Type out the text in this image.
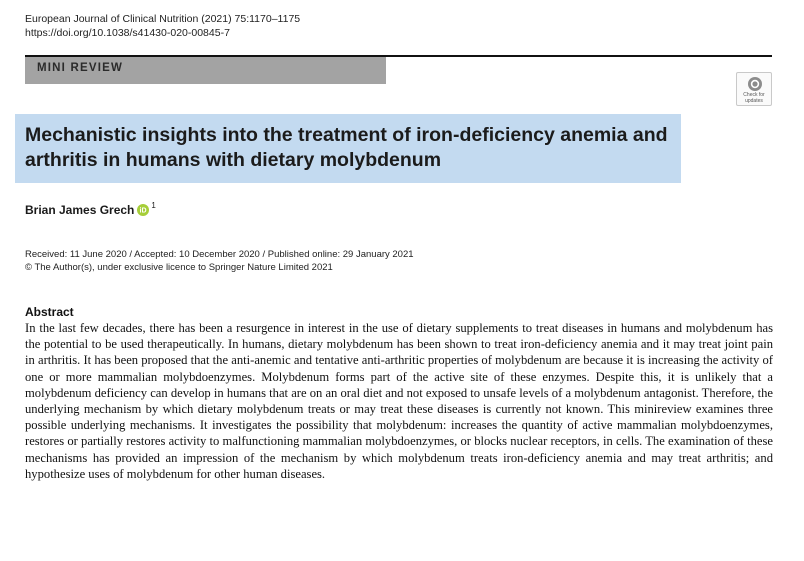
European Journal of Clinical Nutrition (2021) 75:1170–1175
https://doi.org/10.1038/s41430-020-00845-7
MINI REVIEW
Check for
updates
Mechanistic insights into the treatment of iron-deficiency anemia and arthritis in humans with dietary molybdenum
Brian James Grech iD
$^1$
Received: 11 June 2020 / Accepted: 10 December 2020 / Published online: 29 January 2021
© The Author(s), under exclusive licence to Springer Nature Limited 2021
Abstract
In the last few decades, there has been a resurgence in interest in the use of dietary supplements to treat diseases in humans and molybdenum has the potential to be used therapeutically. In humans, dietary molybdenum has been shown to treat iron-deficiency anemia and it may treat joint pain in arthritis. It has been proposed that the anti-anemic and tentative anti-arthritic properties of molybdenum are because it is increasing the activity of one or more mammalian molybdoenzymes. Molybdenum forms part of the active site of these enzymes. Despite this, it is unlikely that a molybdenum deficiency can develop in humans that are on an oral diet and not exposed to unsafe levels of a molybdenum antagonist. Therefore, the underlying mechanism by which dietary molybdenum treats or may treat these diseases is currently not known. This minireview examines three possible underlying mechanisms. It investigates the possibility that molybdenum: increases the quantity of active mammalian molybdoenzymes, restores or partially restores activity to malfunctioning mammalian molybdoenzymes, or blocks nuclear receptors, in cells. The examination of these mechanisms has provided an impression of the mechanism by which molybdenum treats iron-deficiency anemia and may treat arthritis; and hypothesize uses of molybdenum for other human diseases.
